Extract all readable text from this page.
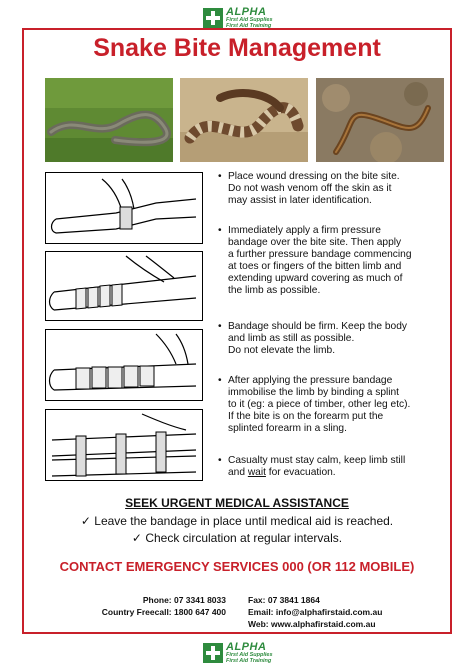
ALPHA
First Aid Supplies
First Aid Training
Snake Bite Management
• Place wound dressing on the bite site.
Do not wash venom off the skin as it
may assist in later identification.
• Immediately apply a firm pressure
bandage over the bite site. Then apply
a further pressure bandage commencing
at toes or fingers of the bitten limb and
extending upward covering as much of
the limb as possible.
• Bandage should be firm. Keep the body
and limb as still as possible.
Do not elevate the limb.
• After applying the pressure bandage
immobilise the limb by binding a splint
to it (eg: a piece of timber, other leg etc).
If the bite is on the forearm put the
splinted forearm in a sling.
• Casualty must stay calm, keep limb still
and wait for evacuation.
SEEK URGENT MEDICAL ASSISTANCE
✓ Leave the bandage in place until medical aid is reached.
✓ Check circulation at regular intervals.
CONTACT EMERGENCY SERVICES 000 (OR 112 MOBILE)
Phone: 07 3341 8033
Country Freecall: 1800 647 400
Fax: 07 3841 1864
Email: info@alphafirstaid.com.au
Web: www.alphafirstaid.com.au
ALPHA
First Aid Supplies
First Aid Training
